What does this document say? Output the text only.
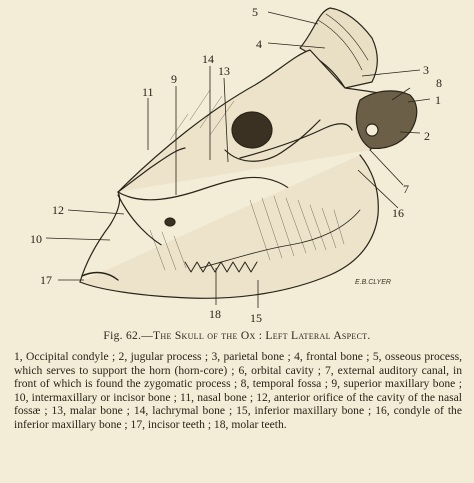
5
4
3
8
1
2
7
16
9
14
13
11
12
10
17
18 15
E.B.CLYER
Fig. 62.—The Skull of the Ox : Left Lateral Aspect.
1, Occipital condyle ; 2, jugular process ; 3, parietal bone ; 4, frontal bone ; 5, osseous process, which serves to support the horn (horn-core) ; 6, orbital cavity ; 7, external auditory canal, in front of which is found the zygomatic process ; 8, temporal fossa ; 9, superior maxillary bone ; 10, intermaxillary or incisor bone ; 11, nasal bone ; 12, anterior orifice of the cavity of the nasal fossæ ; 13, malar bone ; 14, lachrymal bone ; 15, inferior maxillary bone ; 16, condyle of the inferior maxillary bone ; 17, incisor teeth ; 18, molar teeth.
